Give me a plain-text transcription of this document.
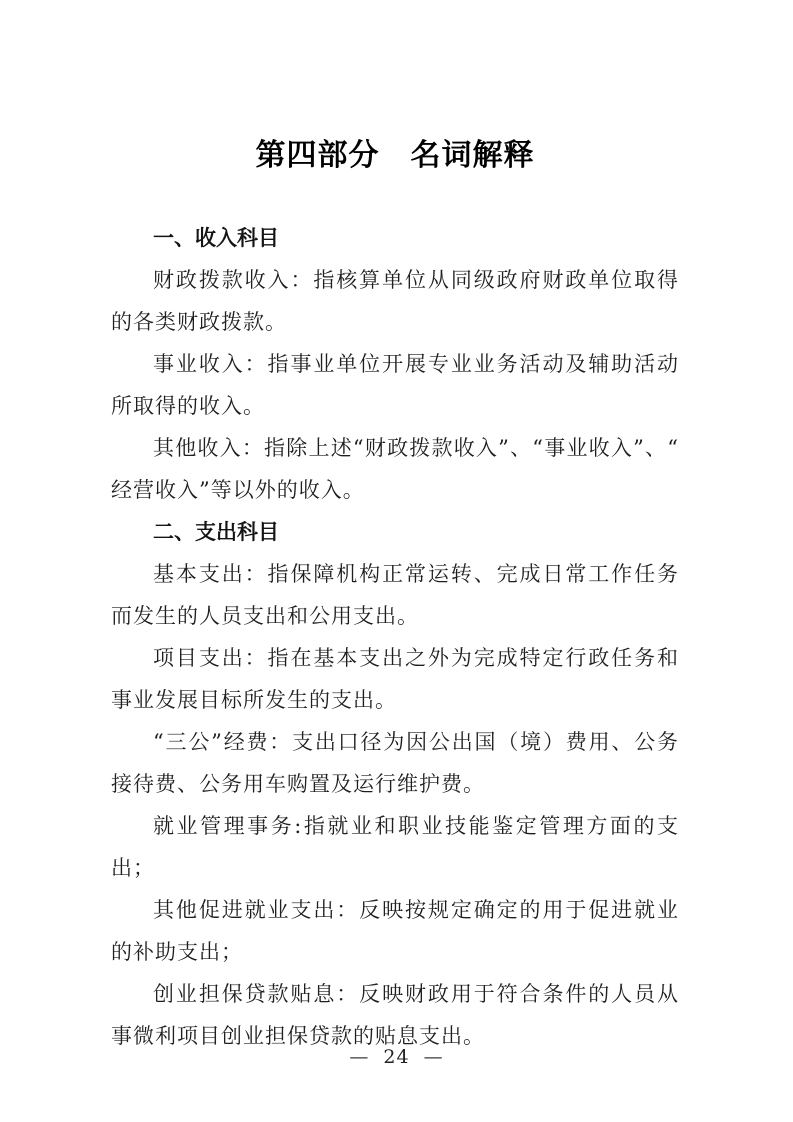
第四部分　名词解释
一、收入科目

财政拨款收入：指核算单位从同级政府财政单位取得的各类财政拨款。

事业收入：指事业单位开展专业业务活动及辅助活动所取得的收入。

其他收入：指除上述“财政拨款收入”、“事业收入”、“ 经营收入”等以外的收入。

二、支出科目

基本支出：指保障机构正常运转、完成日常工作任务而发生的人员支出和公用支出。

项目支出：指在基本支出之外为完成特定行政任务和事业发展目标所发生的支出。

“三公”经费：支出口径为因公出国（境）费用、公务接待费、公务用车购置及运行维护费。

就业管理事务:指就业和职业技能鉴定管理方面的支出；

其他促进就业支出：反映按规定确定的用于促进就业的补助支出；

创业担保贷款贴息：反映财政用于符合条件的人员从事微利项目创业担保贷款的贴息支出。

— 24 —
